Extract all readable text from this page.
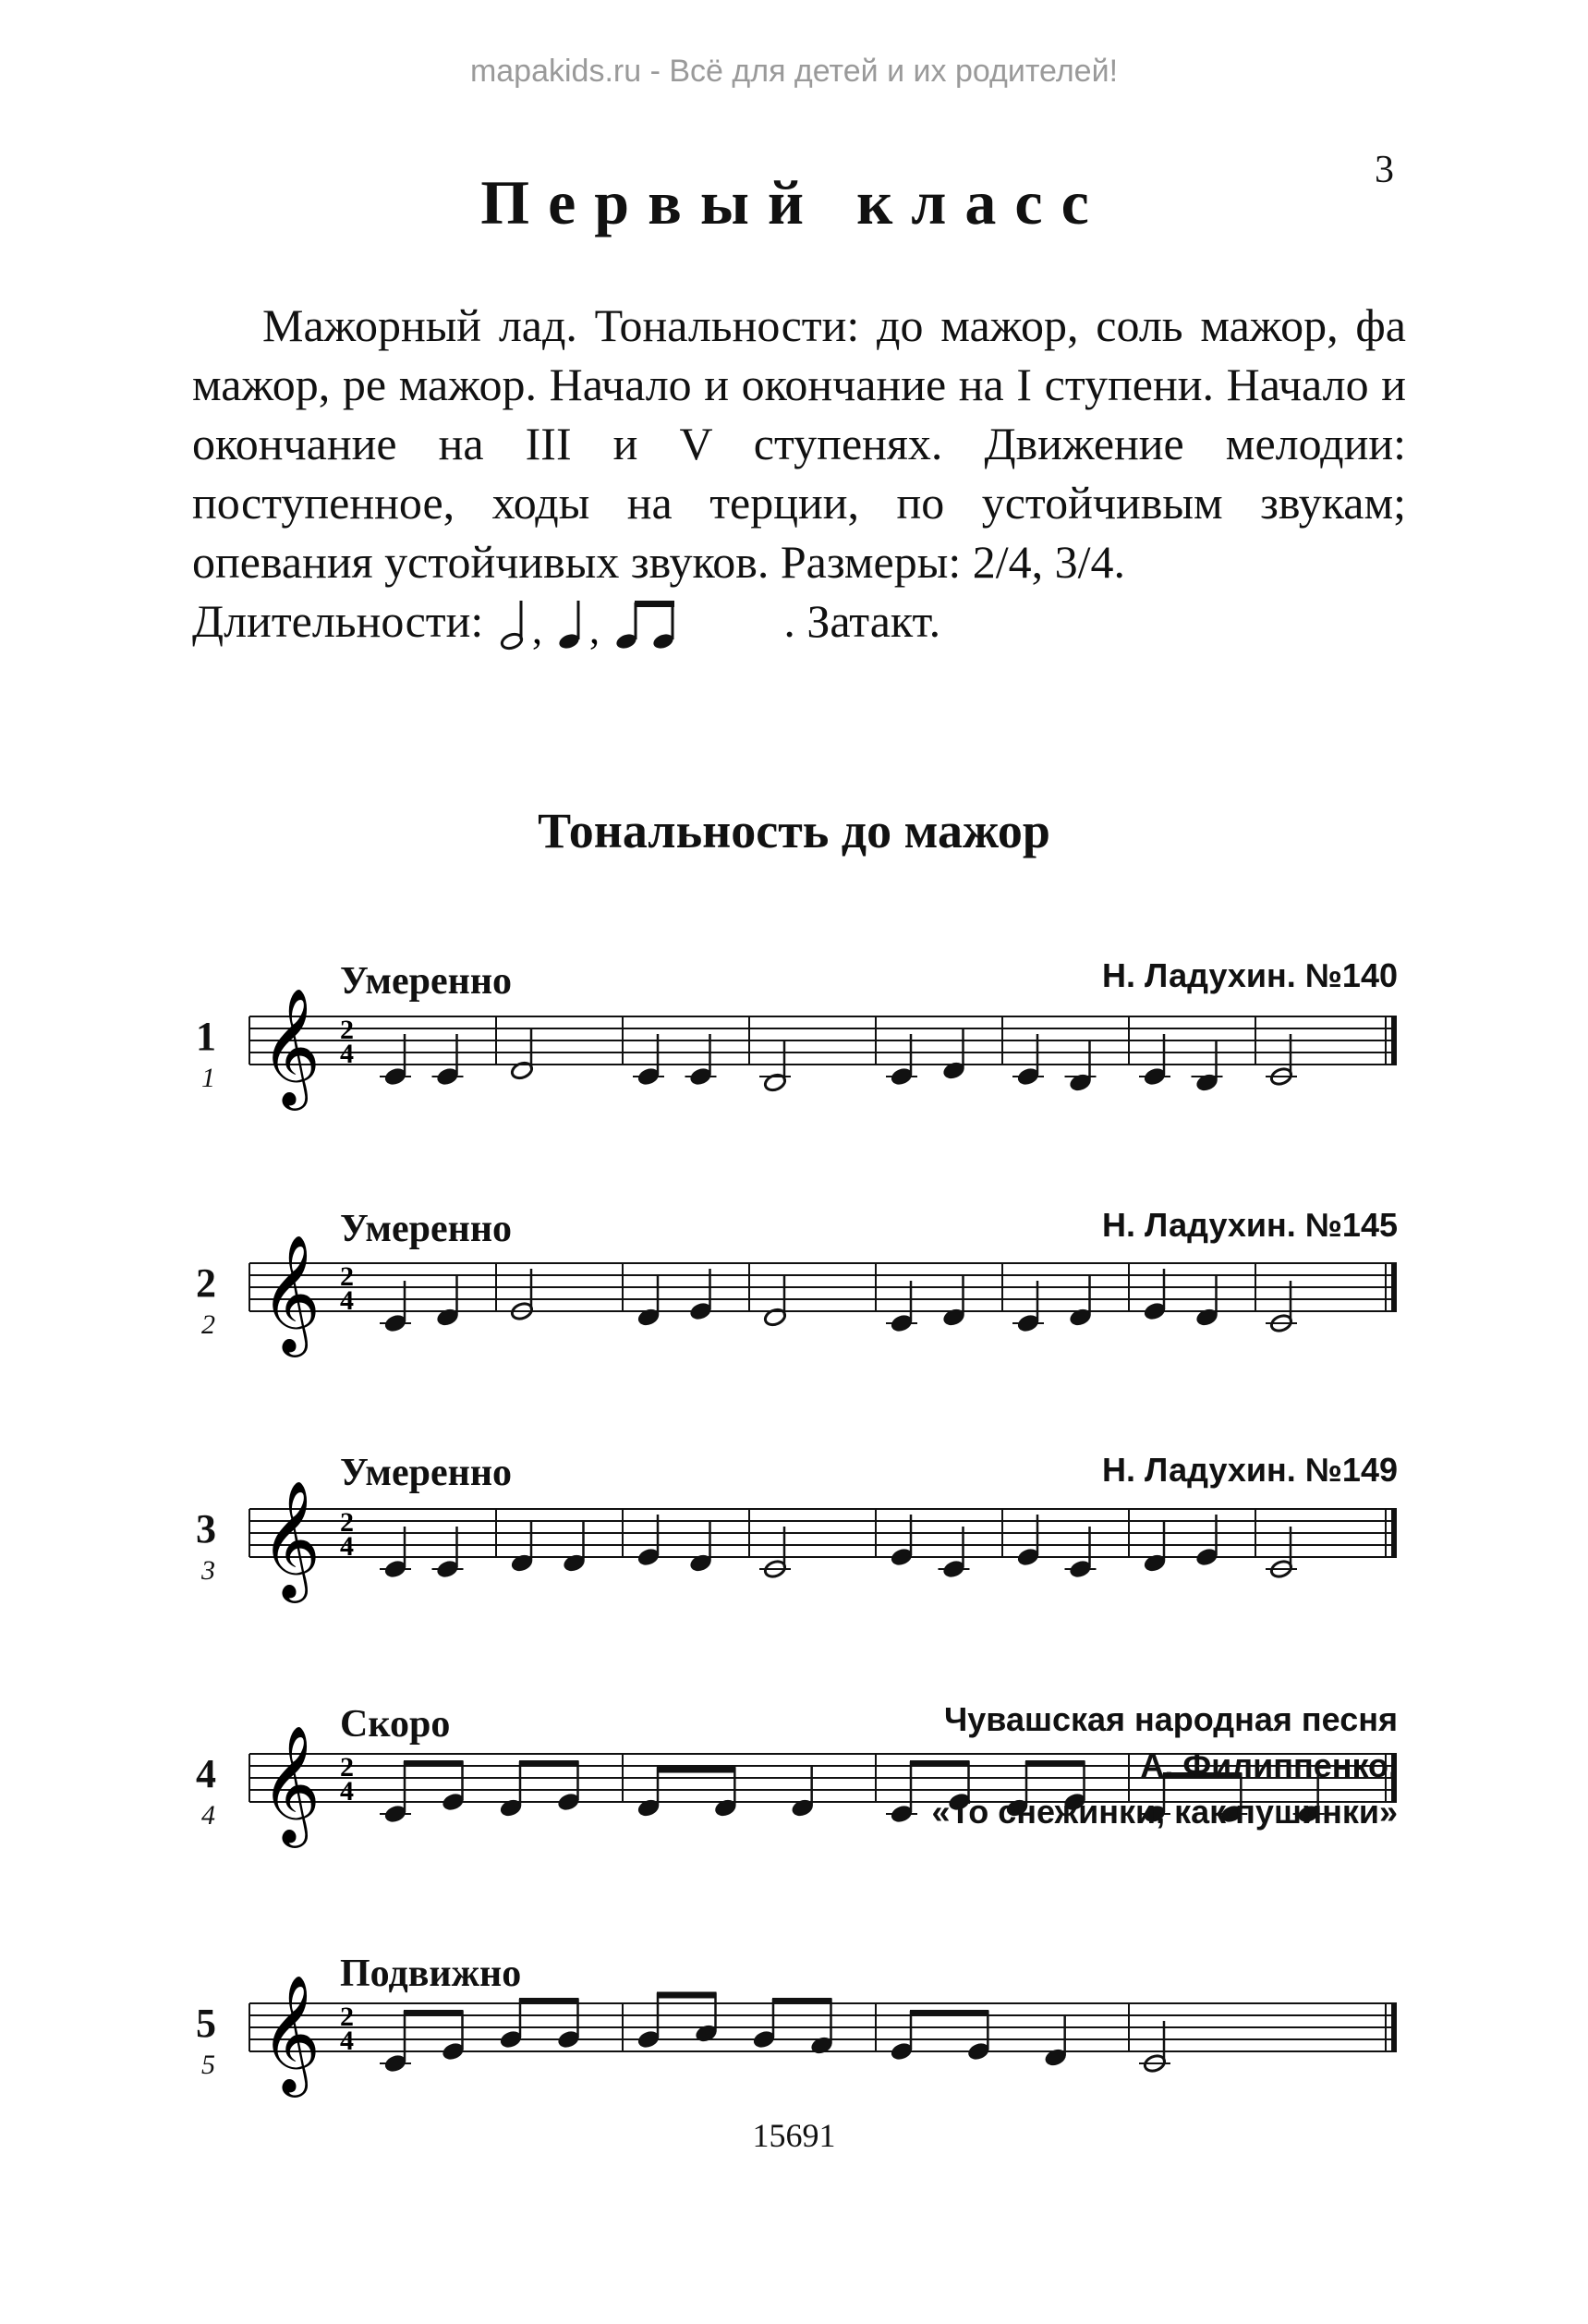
mapakids.ru - Всё для детей и их родителей!
3
Первый класс

Мажорный лад. Тональности: до мажор, соль мажор, фа мажор, ре мажор. Начало и окончание на I ступени. Начало и окончание на III и V ступенях. Движение мелодии: поступенное, ходы на терции, по устойчивым звукам; опевания устойчивых звуков. Размеры: 2/4, 3/4.

Длительности: , ,	. Затакт.
Тональность до мажор
1
1
Умеренно	Н. Ладухин. №140
𝄞 2
4
2
2
Умеренно	Н. Ладухин. №145
𝄞 2
4
3
3
Умеренно	Н. Ладухин. №149
𝄞 2
4
4
4
Скоро	Чувашская народная песня
𝄞 2
4
5
5
Подвижно
А. Филиппенко.
«То снежинки, как пушинки»
𝄞 2
4
15691
